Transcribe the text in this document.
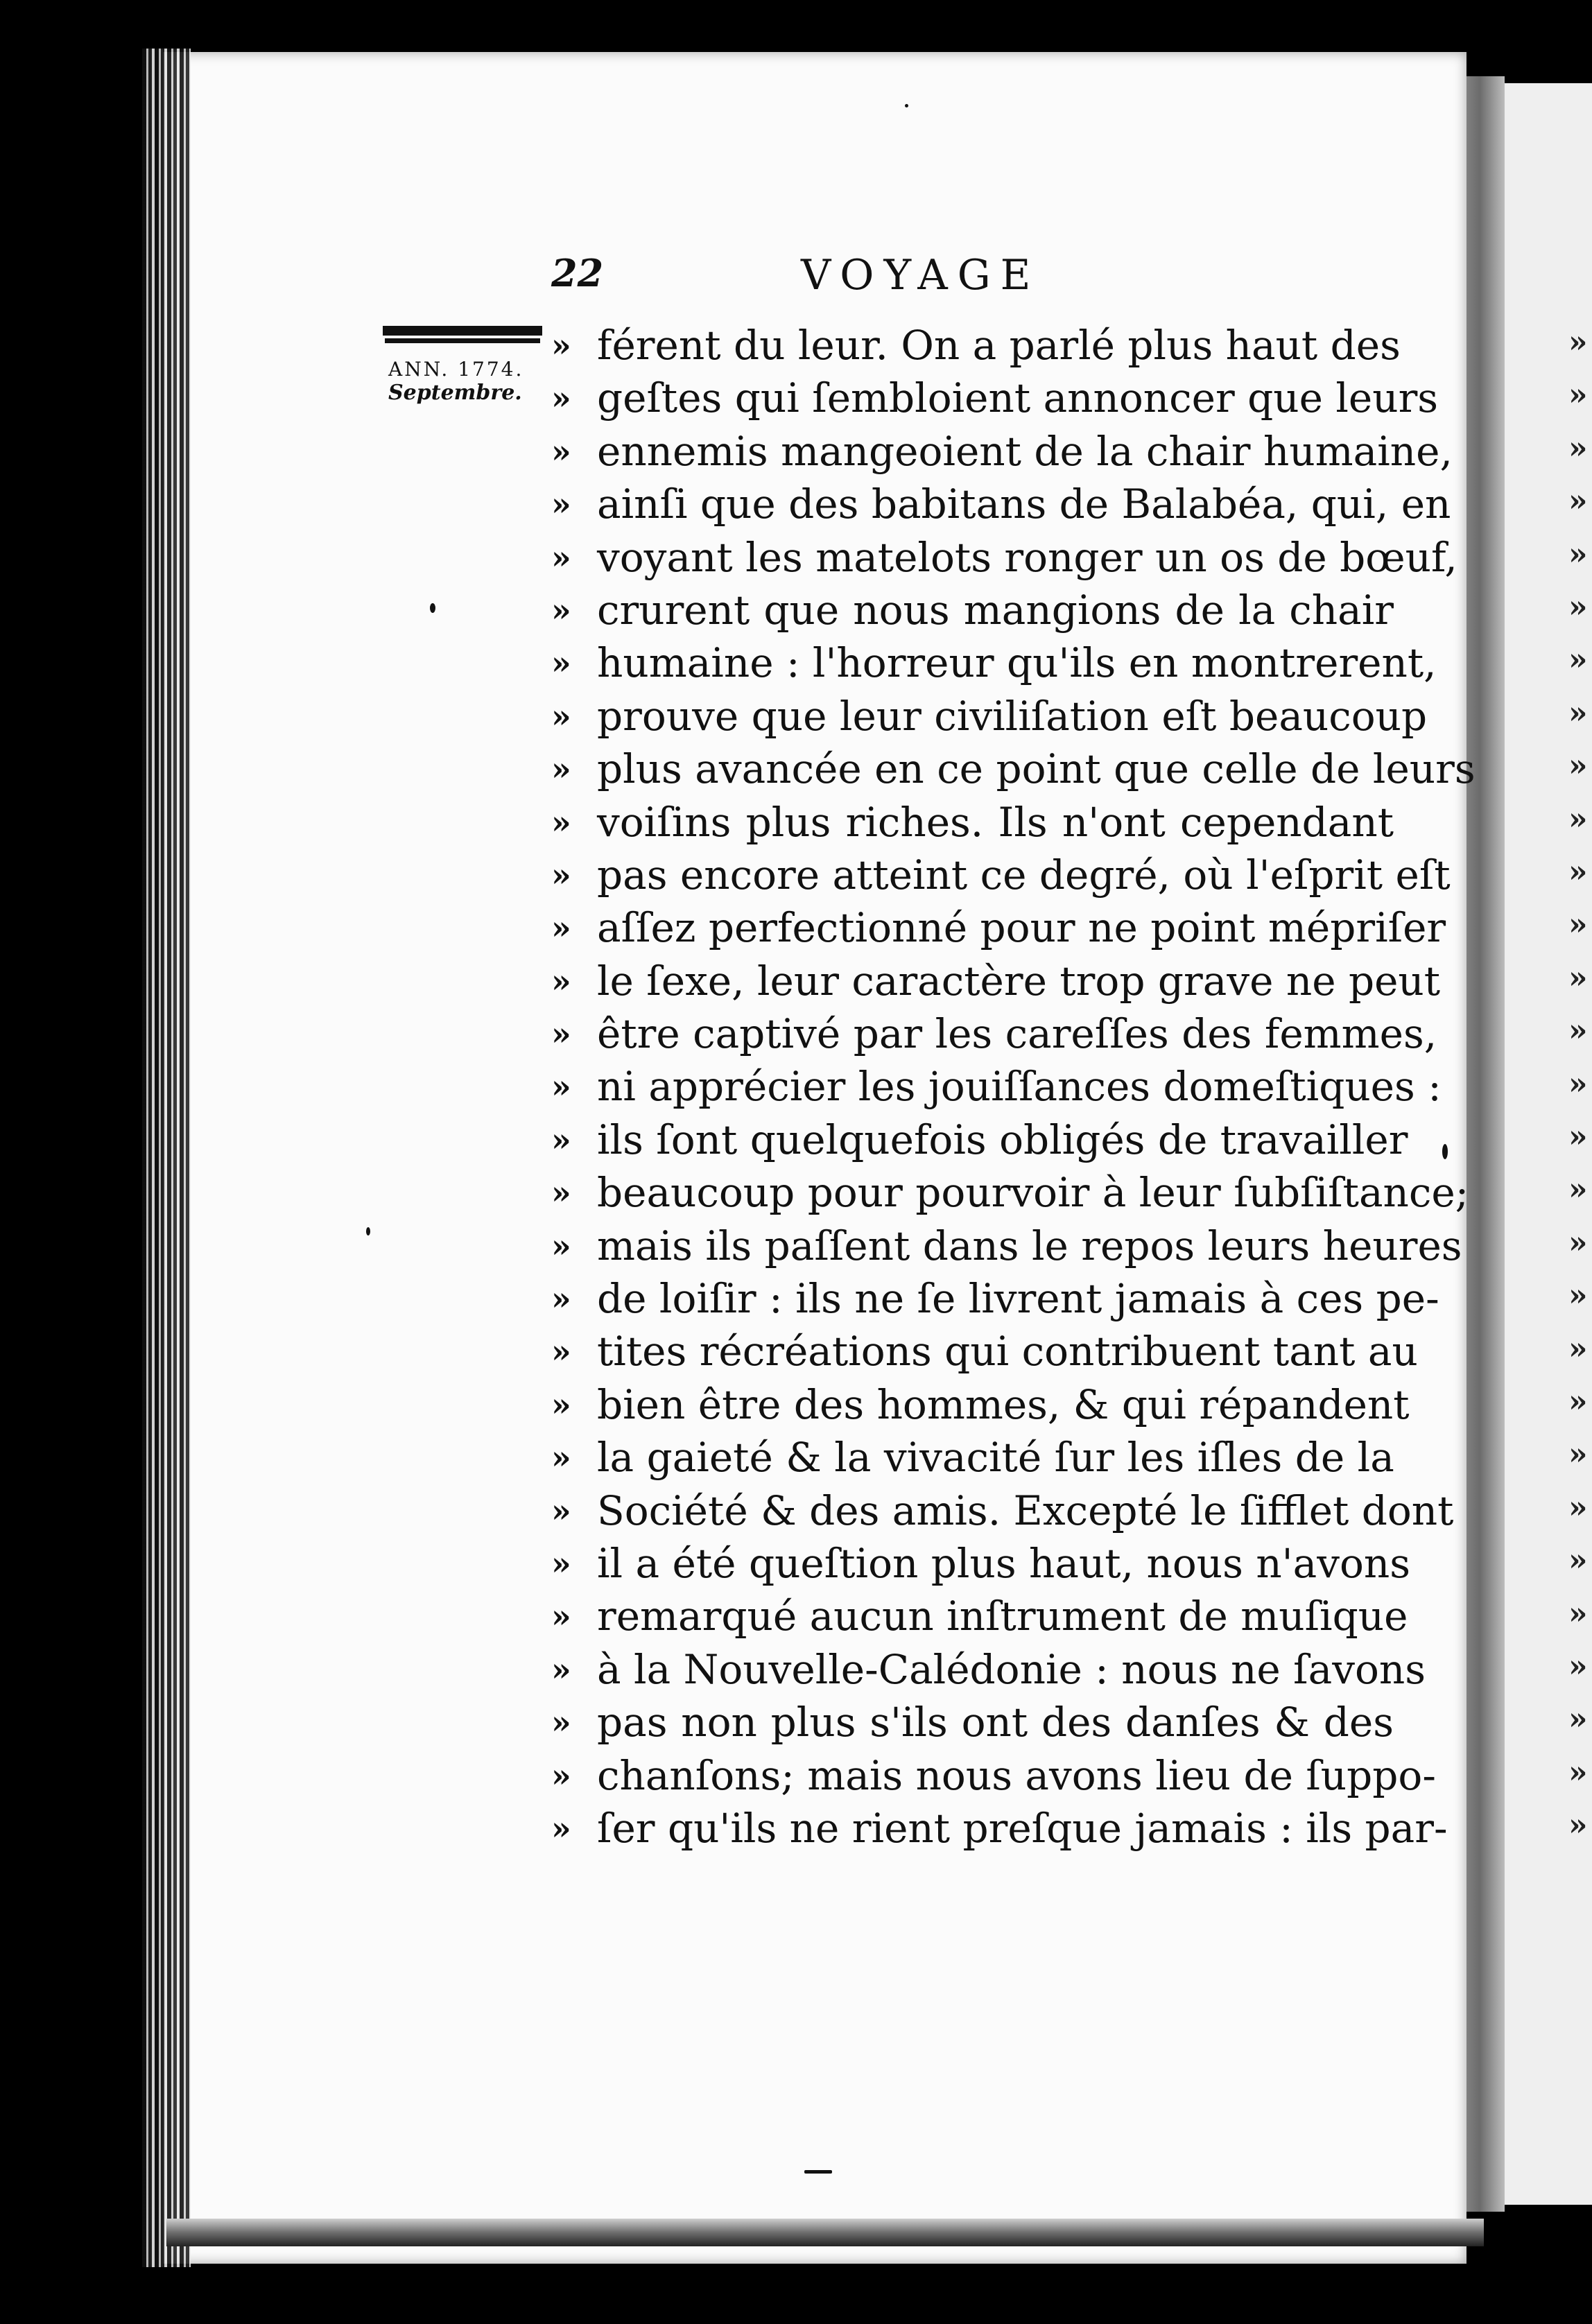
22	VOYAGE
ANN. 1774.
Septembre.
» férent du leur. On a parlé plus haut des
» geſtes qui ſembloient annoncer que leurs
» ennemis mangeoient de la chair humaine,
» ainſi que des babitans de Balabéa, qui, en
» voyant les matelots ronger un os de bœuf,
» crurent que nous mangions de la chair
» humaine : l'horreur qu'ils en montrerent,
» prouve que leur civiliſation eſt beaucoup
» plus avancée en ce point que celle de leurs
» voiſins plus riches. Ils n'ont cependant
» pas encore atteint ce degré, où l'eſprit eſt
» aſſez perfectionné pour ne point mépriſer
» le ſexe, leur caractère trop grave ne peut
» être captivé par les careſſes des femmes,
» ni apprécier les jouiſſances domeſtiques :
» ils ſont quelquefois obligés de travailler
» beaucoup pour pourvoir à leur ſubſiſtance;
» mais ils paſſent dans le repos leurs heures
» de loiſir : ils ne ſe livrent jamais à ces pe-
» tites récréations qui contribuent tant au
» bien être des hommes, & qui répandent
» la gaieté & la vivacité ſur les iſles de la
» Société & des amis. Excepté le ſifflet dont
» il a été queſtion plus haut, nous n'avons
» remarqué aucun inſtrument de muſique
» à la Nouvelle-Calédonie : nous ne ſavons
» pas non plus s'ils ont des danſes & des
» chanſons; mais nous avons lieu de ſuppo-
» ſer qu'ils ne rient preſque jamais : ils par-
»
»
»
»
»
»
»
»
»
»
»
»
»
»
»
»
»
»
»
»
»
»
»
»
»
»
»
»
»
